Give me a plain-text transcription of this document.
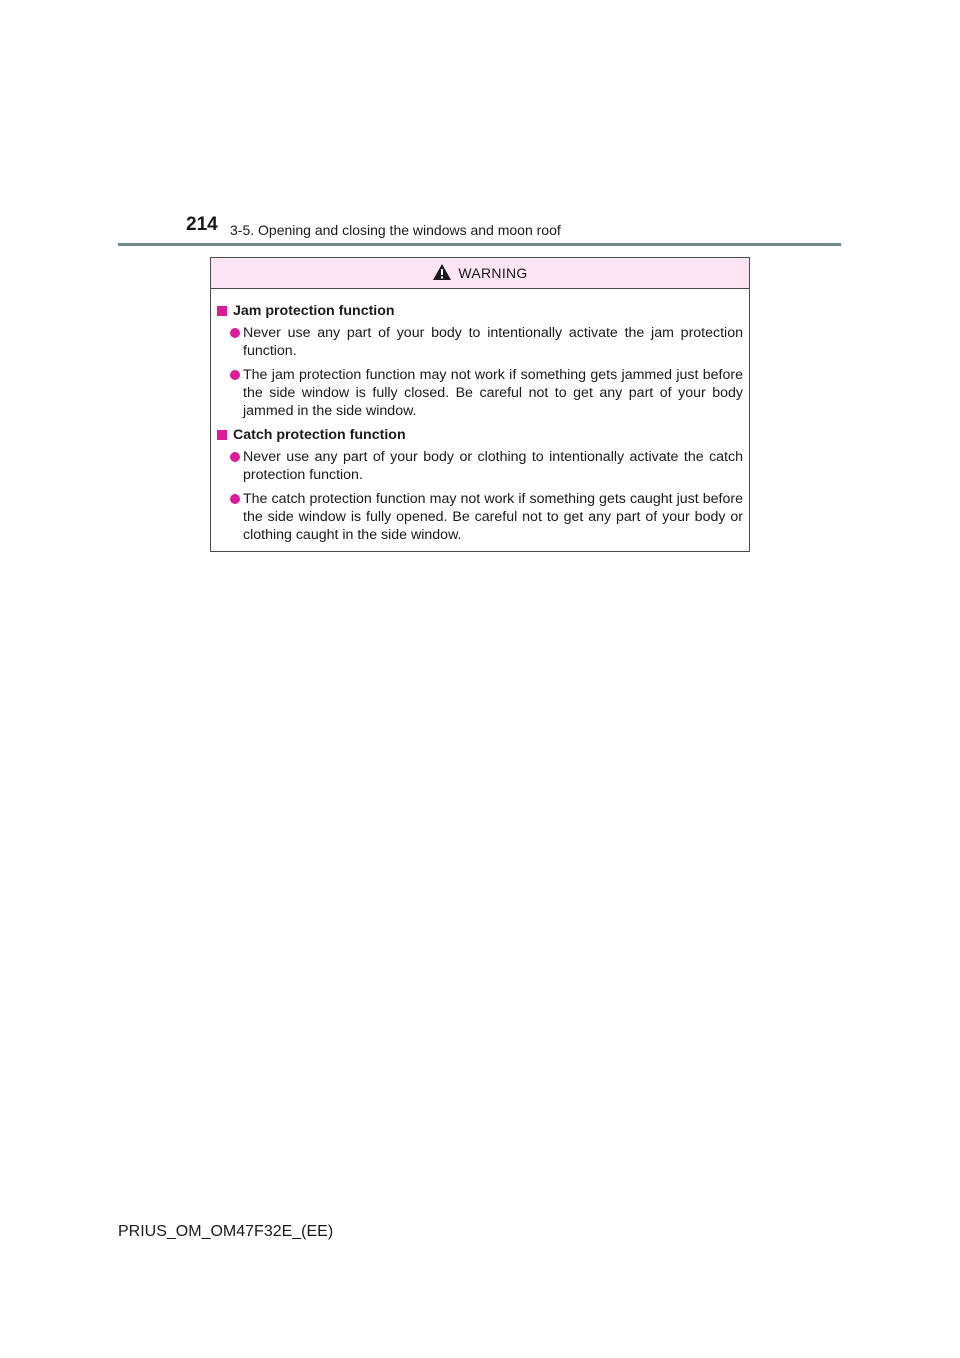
214 3-5. Opening and closing the windows and moon roof
WARNING
Jam protection function
Never use any part of your body to intentionally activate the jam protection function.
The jam protection function may not work if something gets jammed just before the side window is fully closed. Be careful not to get any part of your body jammed in the side window.
Catch protection function
Never use any part of your body or clothing to intentionally activate the catch protection function.
The catch protection function may not work if something gets caught just before the side window is fully opened. Be careful not to get any part of your body or clothing caught in the side window.
PRIUS_OM_OM47F32E_(EE)
